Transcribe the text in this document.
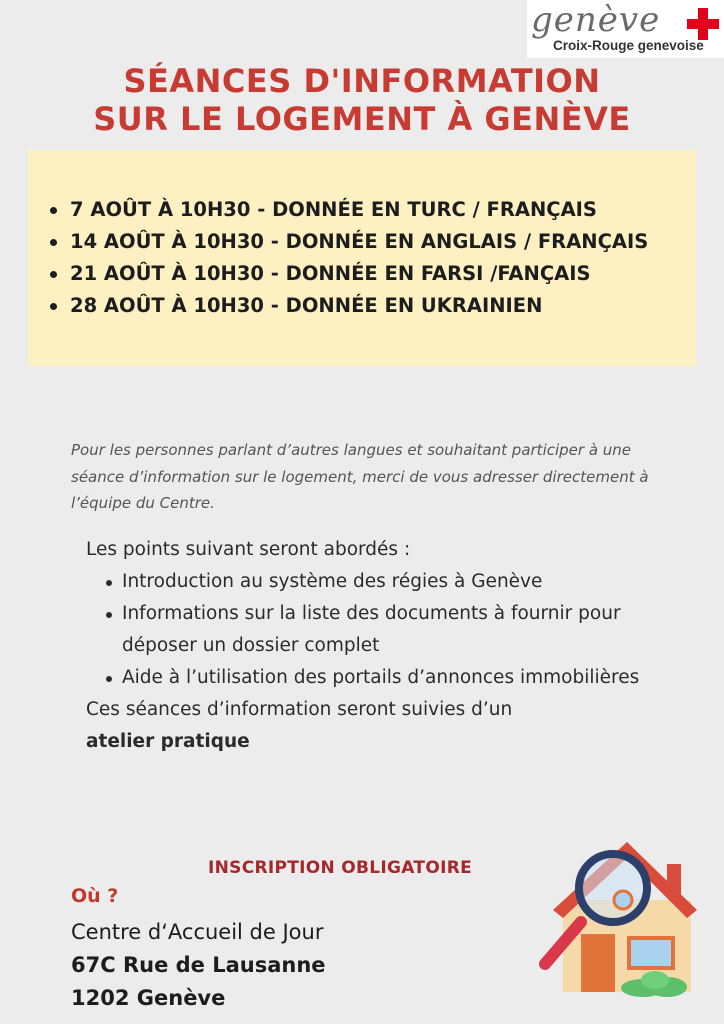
genève
Croix-Rouge genevoise
SÉANCES D'INFORMATION
SUR LE LOGEMENT À GENÈVE
7 AOÛT À 10H30 - DONNÉE EN TURC / FRANÇAIS
14 AOÛT À 10H30 - DONNÉE EN ANGLAIS / FRANÇAIS
21 AOÛT À 10H30 - DONNÉE EN FARSI /FANÇAIS
28 AOÛT À 10H30 - DONNÉE EN UKRAINIEN
Pour les personnes parlant d’autres langues et souhaitant participer à une séance d’information sur le logement, merci de vous adresser directement à l’équipe du Centre.

Les points suivant seront abordés :

Introduction au système des régies à Genève
Informations sur la liste des documents à fournir pour déposer un dossier complet
Aide à l’utilisation des portails d’annonces immobilières

Ces séances d’information seront suivies d’un
atelier pratique

INSCRIPTION OBLIGATOIRE
Où ?
Centre d‘Accueil de Jour
67C Rue de Lausanne
1202 Genève
